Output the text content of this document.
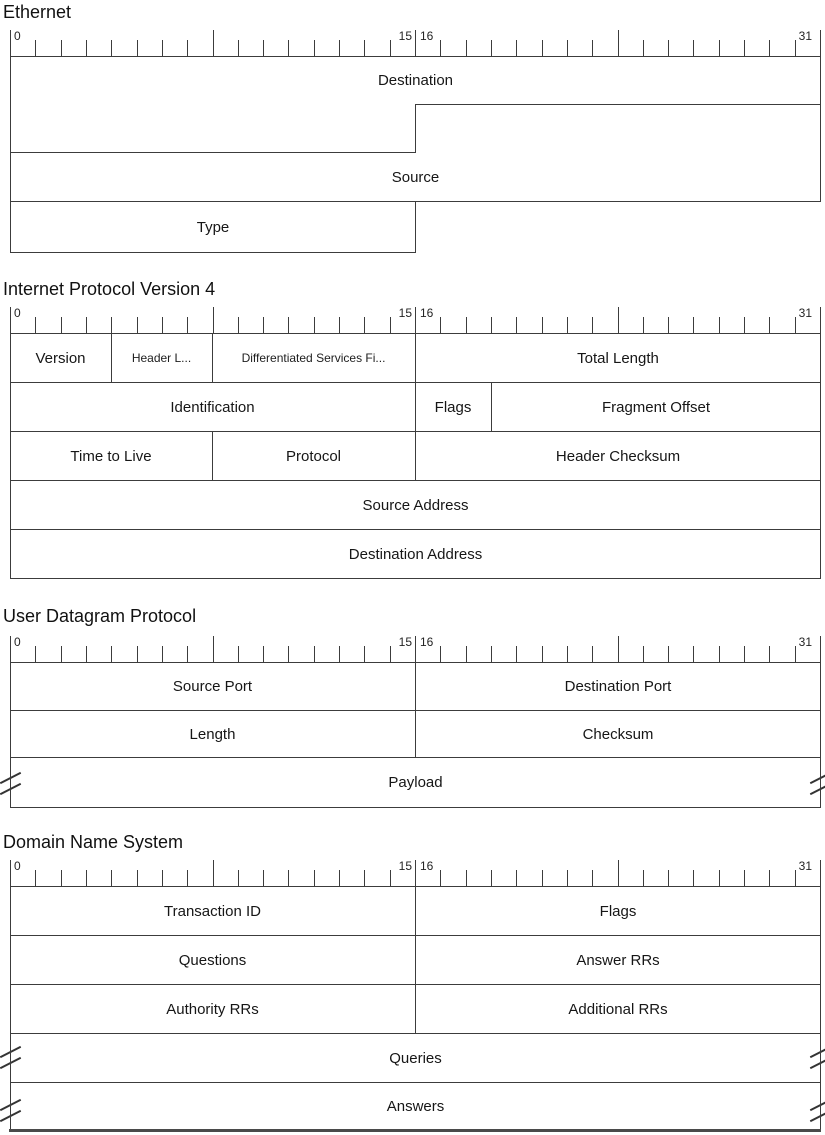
Ethernet
Internet Protocol Version 4
User Datagram Protocol
Domain Name System
0	15 16	31
0	15 16	31
0	15 16	31
0	15 16	31
Destination
Source
Type
Version	Header L...	Differentiated Services Fi...	Total Length
Identification	Flags	Fragment Offset
Time to Live	Protocol	Header Checksum
Source Address
Destination Address
Source Port	Destination Port
Length	Checksum
Payload
Transaction ID	Flags
Questions	Answer RRs
Authority RRs	Additional RRs
Queries
Answers
